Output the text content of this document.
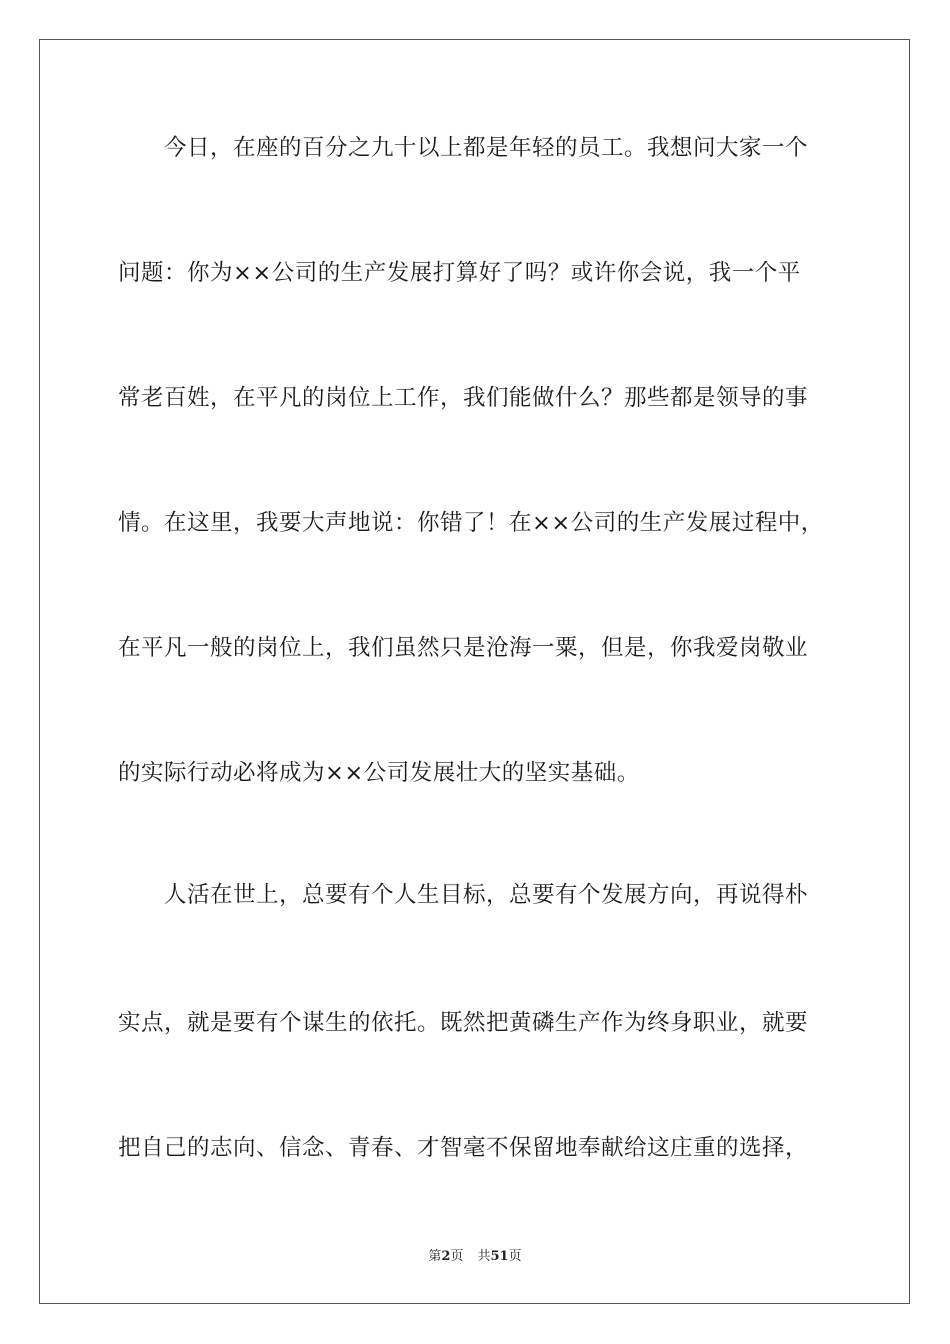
今日，在座的百分之九十以上都是年轻的员工。我想问大家一个
问题：你为××公司的生产发展打算好了吗？或许你会说，我一个平
常老百姓，在平凡的岗位上工作，我们能做什么？那些都是领导的事
情。在这里，我要大声地说：你错了！在××公司的生产发展过程中，
在平凡一般的岗位上，我们虽然只是沧海一粟，但是，你我爱岗敬业
的实际行动必将成为××公司发展壮大的坚实基础。
人活在世上，总要有个人生目标，总要有个发展方向，再说得朴
实点，就是要有个谋生的依托。既然把黄磷生产作为终身职业，就要
把自己的志向、信念、青春、才智毫不保留地奉献给这庄重的选择，
第2页 共51页
